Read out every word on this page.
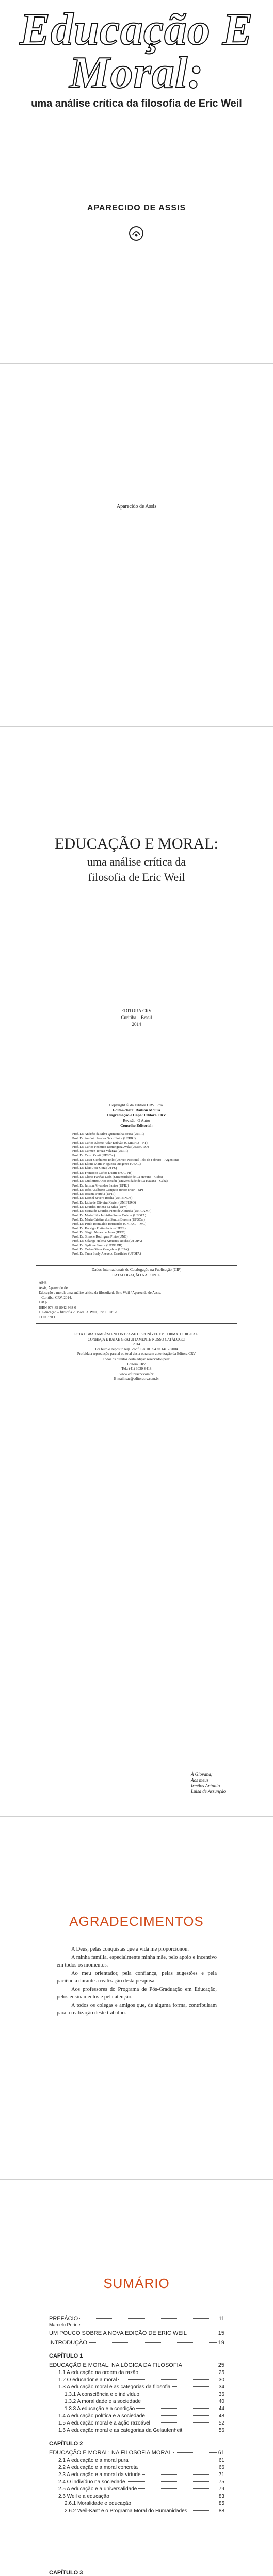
Educação E
Moral:
uma análise crítica da filosofia de Eric Weil
APARECIDO DE ASSIS
Aparecido de Assis
EDUCAÇÃO E MORAL:
uma análise crítica da
filosofia de Eric Weil
EDITORA CRV
Curitiba – Brasil
2014
Copyright © da Editora CRV Ltda.
Editor-chefe: Railson Moura
Diagramação e Capa: Editora CRV
Revisão: O Autor
Conselho Editorial:
Prof. Dr. Andréia da Silva Quintanilha Sousa (UNIR)
Prof. Dr. Antônio Pereira Gaio Júnior (UFRRJ)
Prof. Dr. Carlos Alberto Vilar Estêvão (UMINHO – PT)
Prof. Dr. Carlos Federico Dominguez Avila (UNIEURO)
Prof. Dr. Carmen Tereza Velanga (UNIR)
Prof. Dr. Celso Conti (UFSCar)
Prof. Dr. Cesar Gerónimo Tello (Univer. Nacional Três de Febrero – Argentina)
Prof. Dr. Elione Maria Nogueira Diogenes (UFAL)
Prof. Dr. Élsio José Corá (UFFS)
Prof. Dr. Francisco Carlos Duarte (PUC-PR)
Prof. Dr. Gloria Fariñas León (Universidade de La Havana – Cuba)
Prof. Dr. Guillermo Arias Beatón (Universidade de La Havana – Cuba)
Prof. Dr. Jailson Alves dos Santos (UFRJ)
Prof. Dr. João Adalberto Campato Junior (FAP – SP)
Prof. Dr. Josania Portela (UFPI)
Prof. Dr. Leonel Severo Rocha (UNISINOS)
Prof. Dr. Lídia de Oliveira Xavier (UNIEURO)
Prof. Dr. Lourdes Helena da Silva (UFV)
Prof. Dr. Maria de Lourdes Pinto de Almeida (UNICAMP)
Prof. Dr. Maria Lília Imbiriba Sousa Colares (UFOPA)
Prof. Dr. Maria Cristina dos Santos Bezerra (UFSCar)
Prof. Dr. Paulo Romualdo Hernandes (UNIFAL – MG)
Prof. Dr. Rodrigo Pratte-Santos (UFES)
Prof. Dr. Sérgio Nunes de Jesus (IFRO)
Prof. Dr. Simone Rodrigues Pinto (UNB)
Prof. Dr. Solange Helena Ximenes-Rocha (UFOPA)
Prof. Dr. Sydione Santos (UEPG PR)
Prof. Dr. Tadeu Oliver Gonçalves (UFPA)
Prof. Dr. Tania Suely Azevedo Brasileiro (UFOPA)
Dados Internacionais de Catalogação na Publicação (CIP)
CATALOGAÇÃO NA FONTE
A848
Assis, Aparecido de.
Educação e moral: uma análise crítica da filosofia de Eric Weil / Aparecido de Assis.
– Curitiba: CRV, 2014.
128 p.
ISBN 978-85-8042-968-0
1. Educação – filosofia 2. Moral 3. Weil, Eric I. Título.
CDD 370.1
ESTA OBRA TAMBÉM ENCONTRA-SE DISPONÍVEL EM FORMATO DIGITAL.
CONHEÇA E BAIXE GRATUITAMENTE NOSSO CATÁLOGO:
2014
Foi feito o depósito legal conf. Lei 10.994 de 14/12/2004
Proibida a reprodução parcial ou total desta obra sem autorização da Editora CRV
Todos os direitos desta edição reservados pela:
Editora CRV
Tel.: (41) 3039-6418
www.editoracrv.com.br
E-mail: sac@editoracrv.com.br
À Giovana;
Aos meus
Irmãos Antonio
Luisa de Assunção
AGRADECIMENTOS

A Deus, pelas conquistas que a vida me proporcionou.

A minha família, especialmente minha mãe, pelo apoio e incentivo em todos os momentos.

Ao meu orientador, pela confiança, pelas sugestões e pela paciência durante a realização desta pesquisa.

Aos professores do Programa de Pós-Graduação em Educação, pelos ensinamentos e pela atenção.

A todos os colegas e amigos que, de alguma forma, contribuíram para a realização deste trabalho.

SUMÁRIO
PREFÁCIO	11
Marcelo Perine
UM POUCO SOBRE A NOVA EDIÇÃO DE ERIC WEIL	15
INTRODUÇÃO	19
CAPÍTULO 1
EDUCAÇÃO E MORAL: NA LÓGICA DA FILOSOFIA	25
1.1 A educação na ordem da razão	25
1.2 O educador e a moral	30
1.3 A educação moral e as categorias da filosofia	34
1.3.1 A consciência e o indivíduo	36
1.3.2 A moralidade e a sociedade	40
1.3.3 A educação e a condição	44
1.4 A educação política e a sociedade	48
1.5 A educação moral e a ação razoável	52
1.6 A educação moral e as categorias da Gelaufenheit	56
CAPÍTULO 2
EDUCAÇÃO E MORAL: NA FILOSOFIA MORAL	61
2.1 A educação e a moral pura	61
2.2 A educação e a moral concreta	66
2.3 A educação e a moral da virtude	71
2.4 O indivíduo na sociedade	75
2.5 A educação e a universalidade	79
2.6 Weil e a educação	83
2.6.1 Moralidade e educação	85
2.6.2 Weil-Kant e o Programa Moral do Humanidades	88
CAPÍTULO 3
